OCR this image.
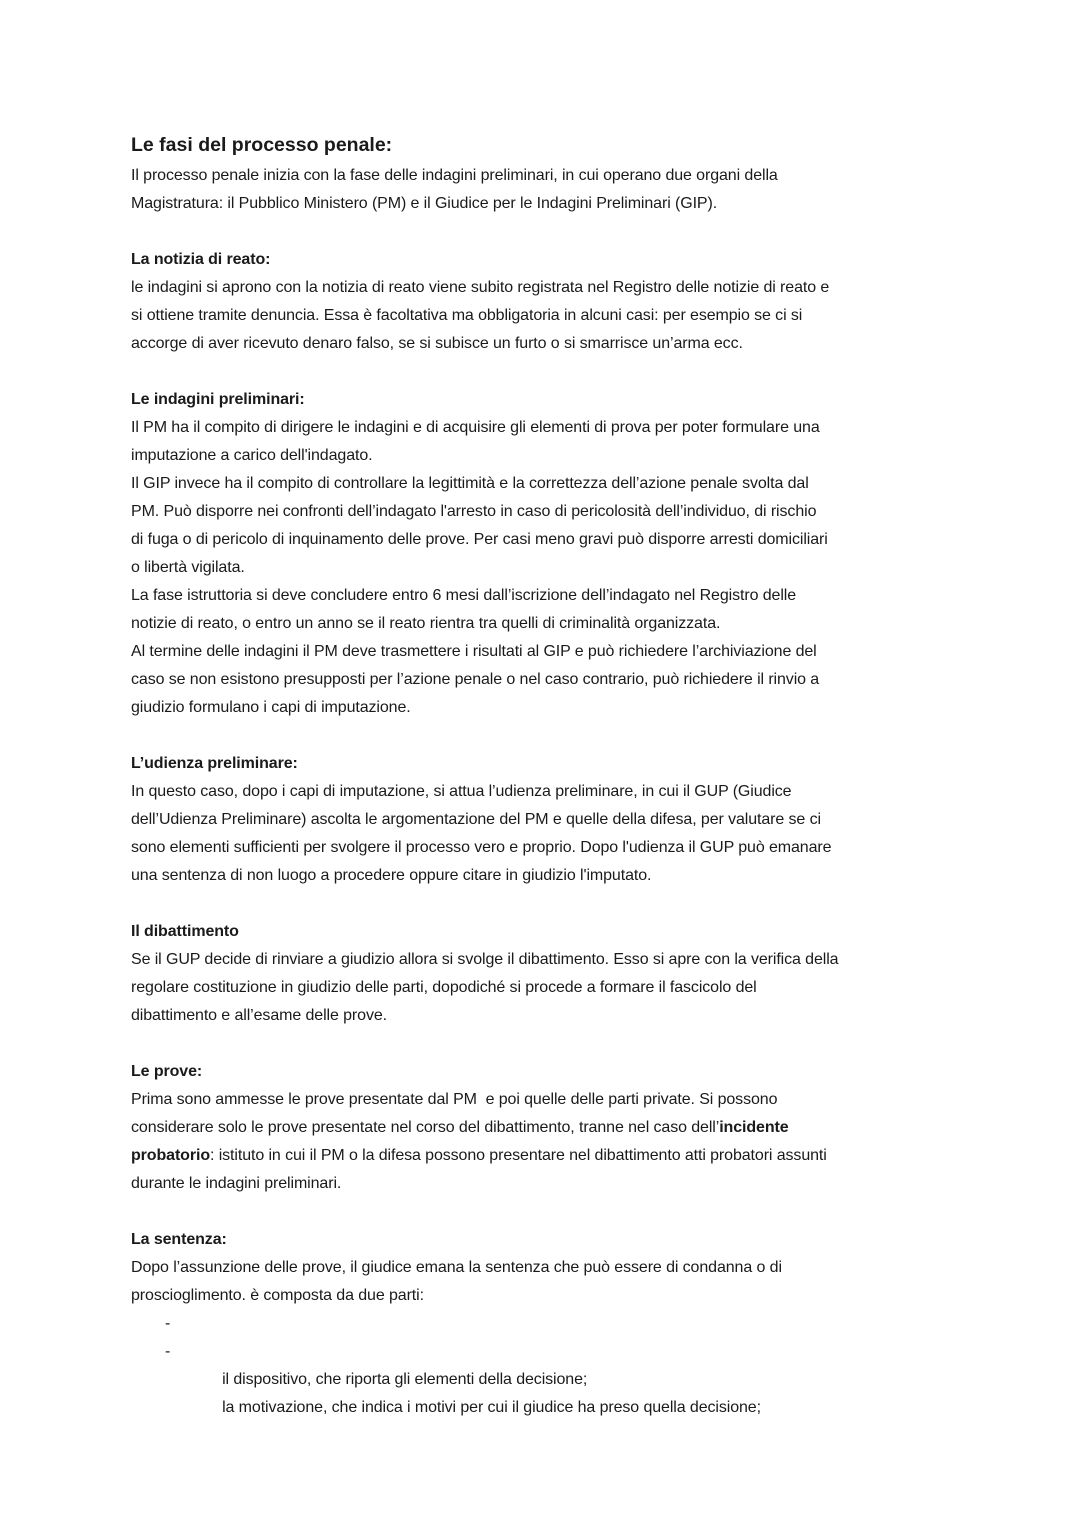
Le fasi del processo penale:
Il processo penale inizia con la fase delle indagini preliminari, in cui operano due organi della
Magistratura: il Pubblico Ministero (PM) e il Giudice per le Indagini Preliminari (GIP).
La notizia di reato:
le indagini si aprono con la notizia di reato viene subito registrata nel Registro delle notizie di reato e
si ottiene tramite denuncia. Essa è facoltativa ma obbligatoria in alcuni casi: per esempio se ci si
accorge di aver ricevuto denaro falso, se si subisce un furto o si smarrisce un’arma ecc.
Le indagini preliminari:
Il PM ha il compito di dirigere le indagini e di acquisire gli elementi di prova per poter formulare una
imputazione a carico dell'indagato.
Il GIP invece ha il compito di controllare la legittimità e la correttezza dell’azione penale svolta dal
PM. Può disporre nei confronti dell’indagato l'arresto in caso di pericolosità dell’individuo, di rischio
di fuga o di pericolo di inquinamento delle prove. Per casi meno gravi può disporre arresti domiciliari
o libertà vigilata.
La fase istruttoria si deve concludere entro 6 mesi dall’iscrizione dell’indagato nel Registro delle
notizie di reato, o entro un anno se il reato rientra tra quelli di criminalità organizzata.
Al termine delle indagini il PM deve trasmettere i risultati al GIP e può richiedere l’archiviazione del
caso se non esistono presupposti per l’azione penale o nel caso contrario, può richiedere il rinvio a
giudizio formulano i capi di imputazione.
L’udienza preliminare:
In questo caso, dopo i capi di imputazione, si attua l’udienza preliminare, in cui il GUP (Giudice
dell’Udienza Preliminare) ascolta le argomentazione del PM e quelle della difesa, per valutare se ci
sono elementi sufficienti per svolgere il processo vero e proprio. Dopo l'udienza il GUP può emanare
una sentenza di non luogo a procedere oppure citare in giudizio l'imputato.
Il dibattimento
Se il GUP decide di rinviare a giudizio allora si svolge il dibattimento. Esso si apre con la verifica della
regolare costituzione in giudizio delle parti, dopodiché si procede a formare il fascicolo del
dibattimento e all’esame delle prove.
Le prove:
Prima sono ammesse le prove presentate dal PM  e poi quelle delle parti private. Si possono
considerare solo le prove presentate nel corso del dibattimento, tranne nel caso dell’incidente
probatorio: istituto in cui il PM o la difesa possono presentare nel dibattimento atti probatori assunti
durante le indagini preliminari.
La sentenza:
Dopo l’assunzione delle prove, il giudice emana la sentenza che può essere di condanna o di
proscioglimento. è composta da due parti:

-

il dispositivo, che riporta gli elementi della decisione;

-

la motivazione, che indica i motivi per cui il giudice ha preso quella decisione;
